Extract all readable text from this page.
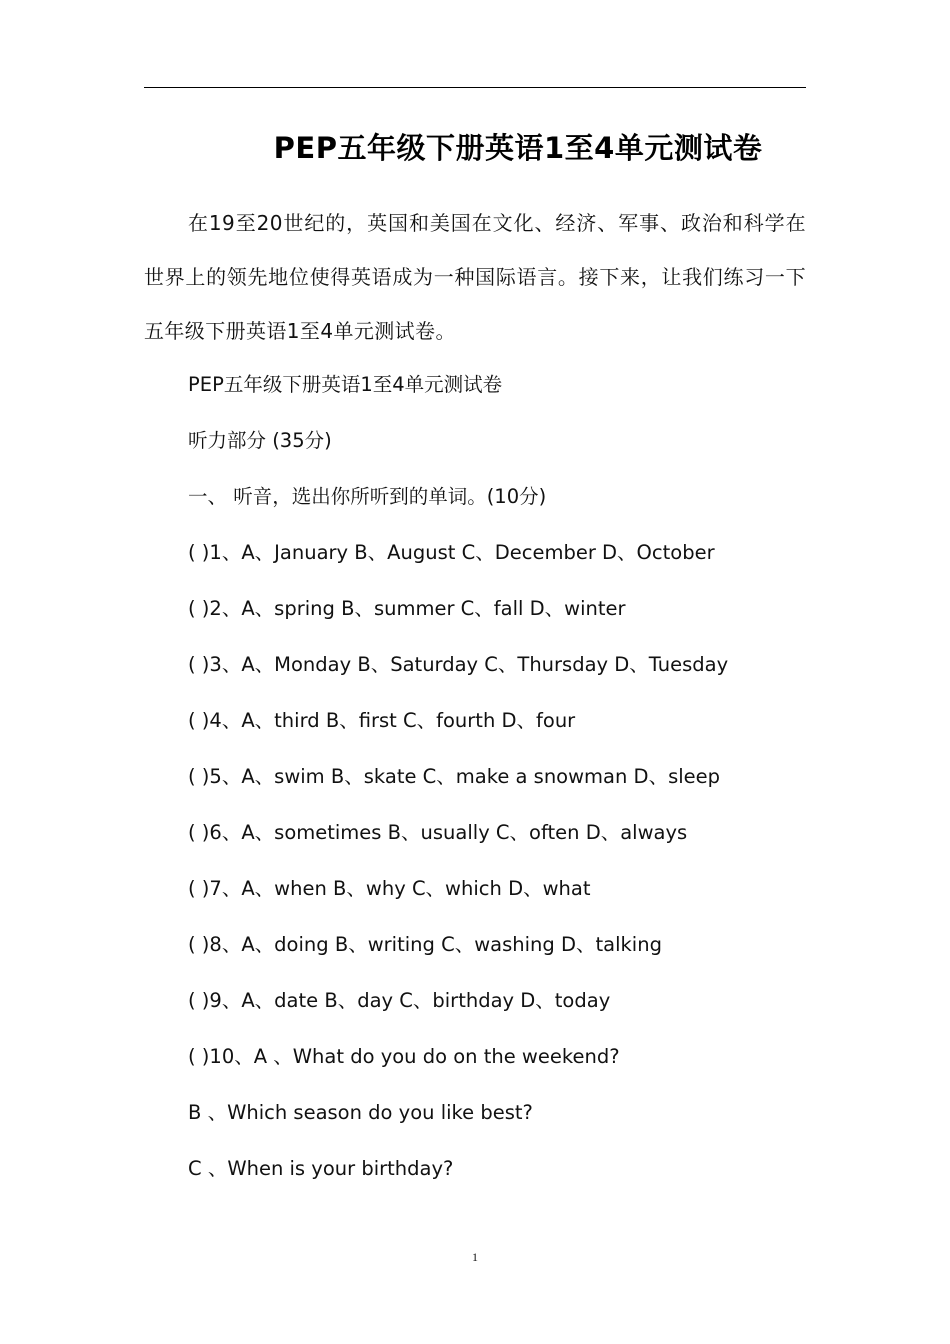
PEP五年级下册英语1至4单元测试卷

在19至20世纪的，英国和美国在文化、经济、军事、政治和科学在世界上的领先地位使得英语成为一种国际语言。接下来，让我们练习一下五年级下册英语1至4单元测试卷。

PEP五年级下册英语1至4单元测试卷

听力部分 (35分)

一、 听音，选出你所听到的单词。(10分)

( )1、A、January B、August C、December D、October

( )2、A、spring B、summer C、fall D、winter

( )3、A、Monday B、Saturday C、Thursday D、Tuesday

( )4、A、third B、first C、fourth D、four

( )5、A、swim B、skate C、make a snowman D、sleep

( )6、A、sometimes B、usually C、often D、always

( )7、A、when B、why C、which D、what

( )8、A、doing B、writing C、washing D、talking

( )9、A、date B、day C、birthday D、today

( )10、A 、What do you do on the weekend?

B 、Which season do you like best?

C 、When is your birthday?

1
